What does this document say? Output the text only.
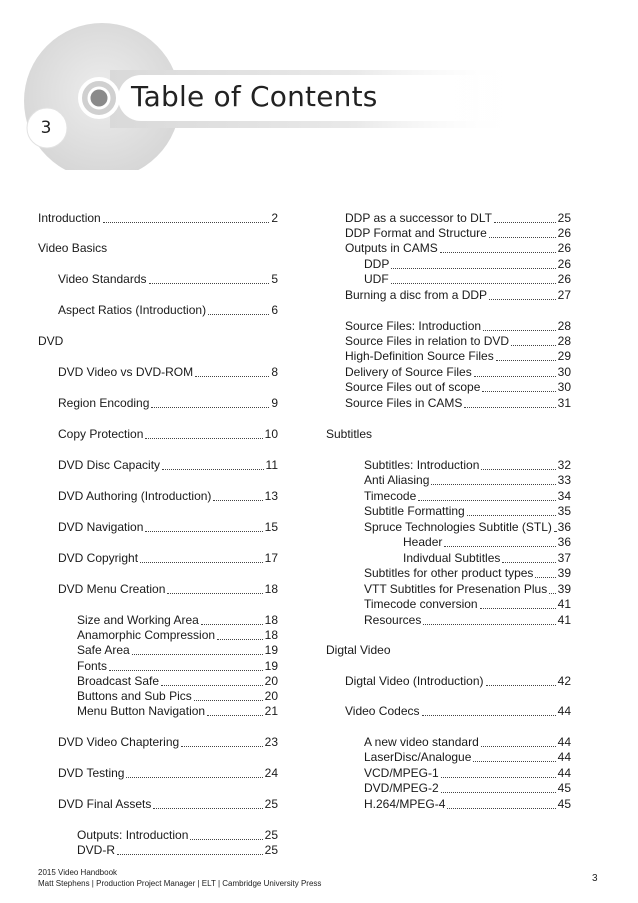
Table of Contents
3
Introduction	2
Video Basics
Video Standards	5
Aspect Ratios (Introduction)	6
DVD
DVD Video vs DVD-ROM	8
Region Encoding	9
Copy Protection	10
DVD Disc Capacity	11
DVD Authoring (Introduction)	13
DVD Navigation	15
DVD Copyright	17
DVD Menu Creation	18
Size and Working Area	18
Anamorphic Compression	18
Safe Area	19
Fonts	19
Broadcast Safe	20
Buttons and Sub Pics	20
Menu Button Navigation	21
DVD Video Chaptering	23
DVD Testing	24
DVD Final Assets	25
Outputs: Introduction	25
DVD-R	25
DDP as a successor to DLT	25
DDP Format and Structure	26
Outputs in CAMS	26
DDP	26
UDF	26
Burning a disc from a DDP	27
Source Files: Introduction	28
Source Files in relation to DVD	28
High-Definition Source Files	29
Delivery of Source Files	30
Source Files out of scope	30
Source Files in CAMS	31
Subtitles
Subtitles: Introduction	32
Anti Aliasing	33
Timecode	34
Subtitle Formatting	35
Spruce Technologies Subtitle (STL) 36
Header	36
Indivdual Subtitles	37
Subtitles for other product types 39
VTT Subtitles for Presenation Plus 39
Timecode conversion	41
Resources	41
Digtal Video
Digtal Video (Introduction)	42
Video Codecs	44
A new video standard	44
LaserDisc/Analogue	44
VCD/MPEG-1	44
DVD/MPEG-2	45
H.264/MPEG-4	45
2015 Video Handbook
Matt Stephens | Production Project Manager | ELT | Cambridge University Press	3
